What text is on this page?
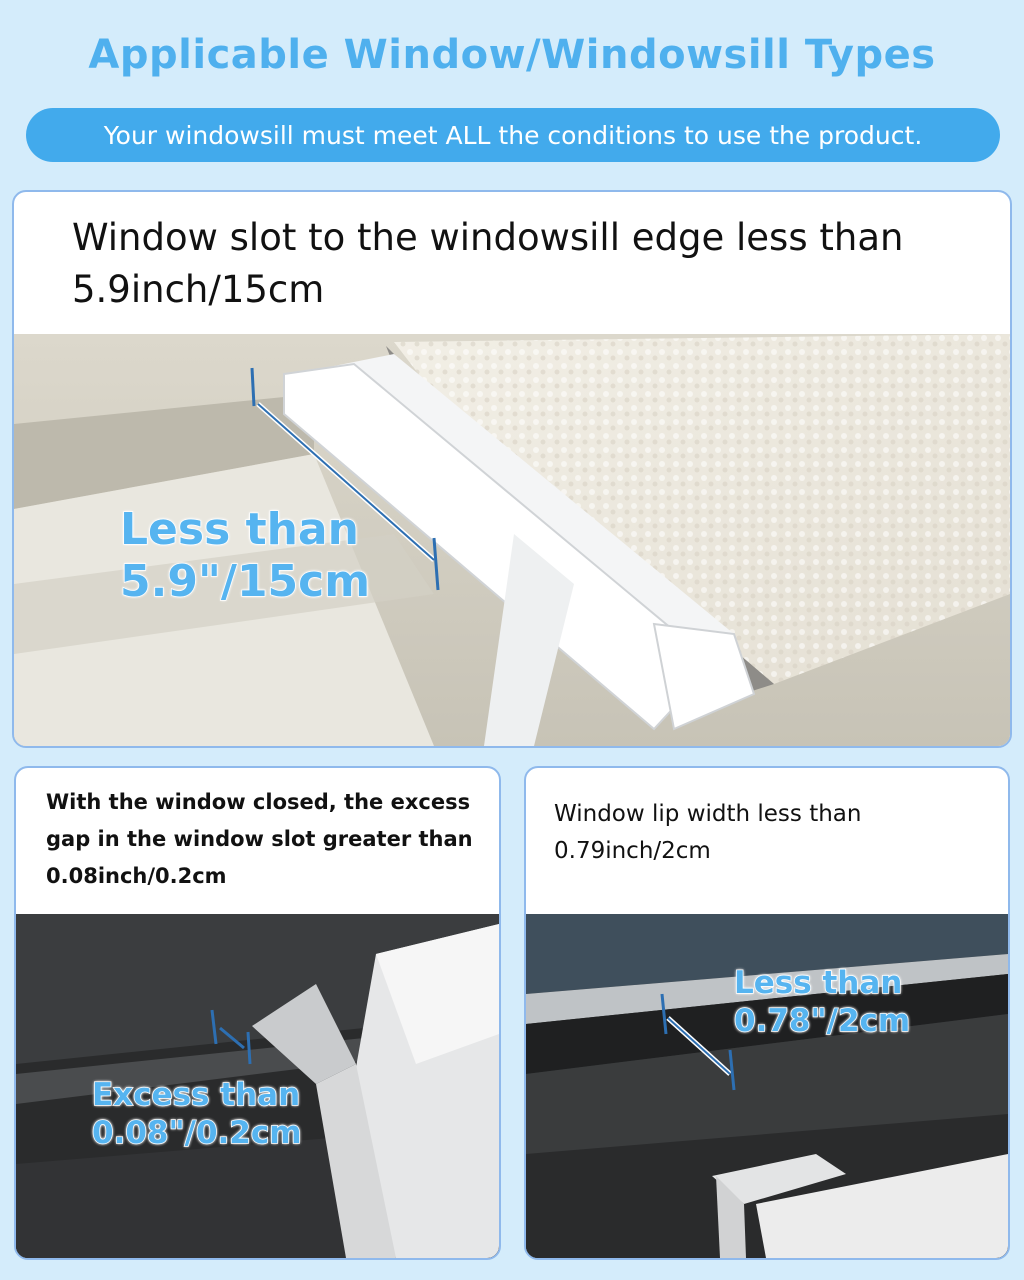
Applicable Window/Windowsill Types
Your windowsill must meet ALL the conditions to use the product.
Window slot to the windowsill edge less than 5.9inch/15cm
Less than
5.9"/15cm
With the window closed, the excess gap in the window slot greater than 0.08inch/0.2cm
Excess than
0.08"/0.2cm
Window lip width less than 0.79inch/2cm
Less than
0.78"/2cm
